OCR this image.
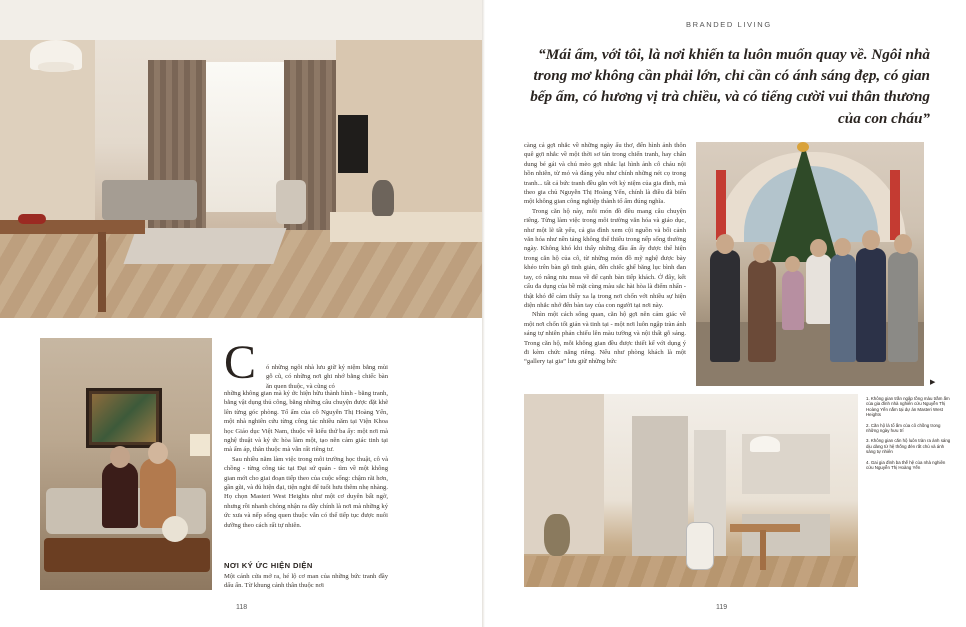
C ó những ngôi nhà lưu giữ ký niệm bằng mùi gỗ cũ, có những nơi ghi nhớ bằng chiếc bàn ăn quen thuộc, và cũng có

những không gian mà ký ức hiện hữu thành hình - bằng tranh, bằng vật dụng thủ công, bằng những câu chuyện được đặt khẽ lên từng góc phòng. Tổ ấm của cô Nguyễn Thị Hoàng Yến, một nhà nghiên cứu từng công tác nhiều năm tại Viện Khoa học Giáo dục Việt Nam, thuộc về kiểu thứ ba ấy: một nơi mà nghệ thuật và ký ức hòa làm một, tạo nên cảm giác tinh tại mà ấm áp, thân thuộc mà vẫn rất riêng tư.

Sau nhiều năm làm việc trong môi trường học thuật, cô và chồng - từng công tác tại Đại sứ quán - tìm về một không gian mới cho giai đoạn tiếp theo của cuộc sống: chậm rãi hơn, gần gũi, và đủ hiện đại, tiện nghi để tuổi hưu thêm nhẹ nhàng. Họ chọn Masteri West Heights như một cơ duyên bất ngờ, nhưng rồi nhanh chóng nhận ra đây chính là nơi mà những ký ức xưa và nếp sống quen thuộc vẫn có thể tiếp tục được nuôi dưỡng theo cách rất tự nhiên.

NƠI KÝ ỨC HIỆN DIỆN

Một cánh cửa mở ra, hé lộ cơ man của những bức tranh đầy dấu ấn. Từ khung cảnh thân thuộc nơi

118
BRANDED LIVING
“Mái ấm, với tôi, là nơi khiến ta luôn muốn quay về. Ngôi nhà trong mơ không cần phải lớn, chỉ cần có ánh sáng đẹp, có gian bếp ấm, có hương vị trà chiều, và có tiếng cười vui thân thương của con cháu”

càng cả gợi nhắc về những ngày ấu thơ, đến hình ảnh thôn quê gợi nhắc về một thời sơ tán trong chiến tranh, hay chân dung bé gái và chú mèo gợi nhắc lại hình ảnh cô cháu nội hồn nhiên, từ mỏ và đáng yêu như chính những nét cọ trong tranh... tất cả bức tranh đều gắn với kỷ niệm của gia đình, mà theo gia chủ Nguyễn Thị Hoàng Yến, chính là điều đã biến một không gian công nghiệp thành tổ ấm đúng nghĩa.

Trong căn hộ này, mỗi món đồ đều mang câu chuyện riêng. Từng làm việc trong môi trường văn hóa và giáo dục, như một lẽ tất yếu, cả gia đình xem cội nguồn và bối cảnh văn hóa như nền tảng không thể thiếu trong nếp sống thường ngày. Không khó khi thấy những đầu ấn ấy được thể hiện trong căn hộ của cô, từ những món đồ mỹ nghệ được bày khéo trên bàn gỗ tinh giản, đến chiếc ghế băng lục bình đan tay, có nâng niu mua về để cạnh bàn tiếp khách. Ở đây, kết cấu đa dụng của bề mặt cùng màu sắc hài hòa là điểm nhấn - thật khó để cảm thấy xa lạ trong nơi chốn với nhiều sự hiện diện nhắc nhớ đến bàn tay của con người tại nơi này.

Nhìn một cách sống quan, căn hộ gợi nên cảm giác về một nơi chốn tối giản và tinh tại - một nơi luôn ngập tràn ánh sáng tự nhiên phản chiếu lên màu tường và nội thất gỗ sáng. Trong căn hộ, mỗi không gian đều được thiết kế với dụng ý đi kèm chức năng riêng. Nếu như phòng khách là một “gallery tại gia” lưu giữ những bức

▶
1. Không gian trần ngập tồng màu trầm ấm của gia đình nhà nghiên cứu Nguyễn Thị Hoàng Yến nằm tại dự án Masteri West Heights
2. Căn hộ là tổ ấm của cô chồng trong những ngày hưu trí
3. Không gian căn hộ luôn tràn ra ánh sáng dịu dàng từ hệ thống đèn rất chú và ánh sáng tự nhiên
4. Gai gia đình ba thế hệ của nhà nghiên cứu Nguyễn Thị Hoàng Yến
119
